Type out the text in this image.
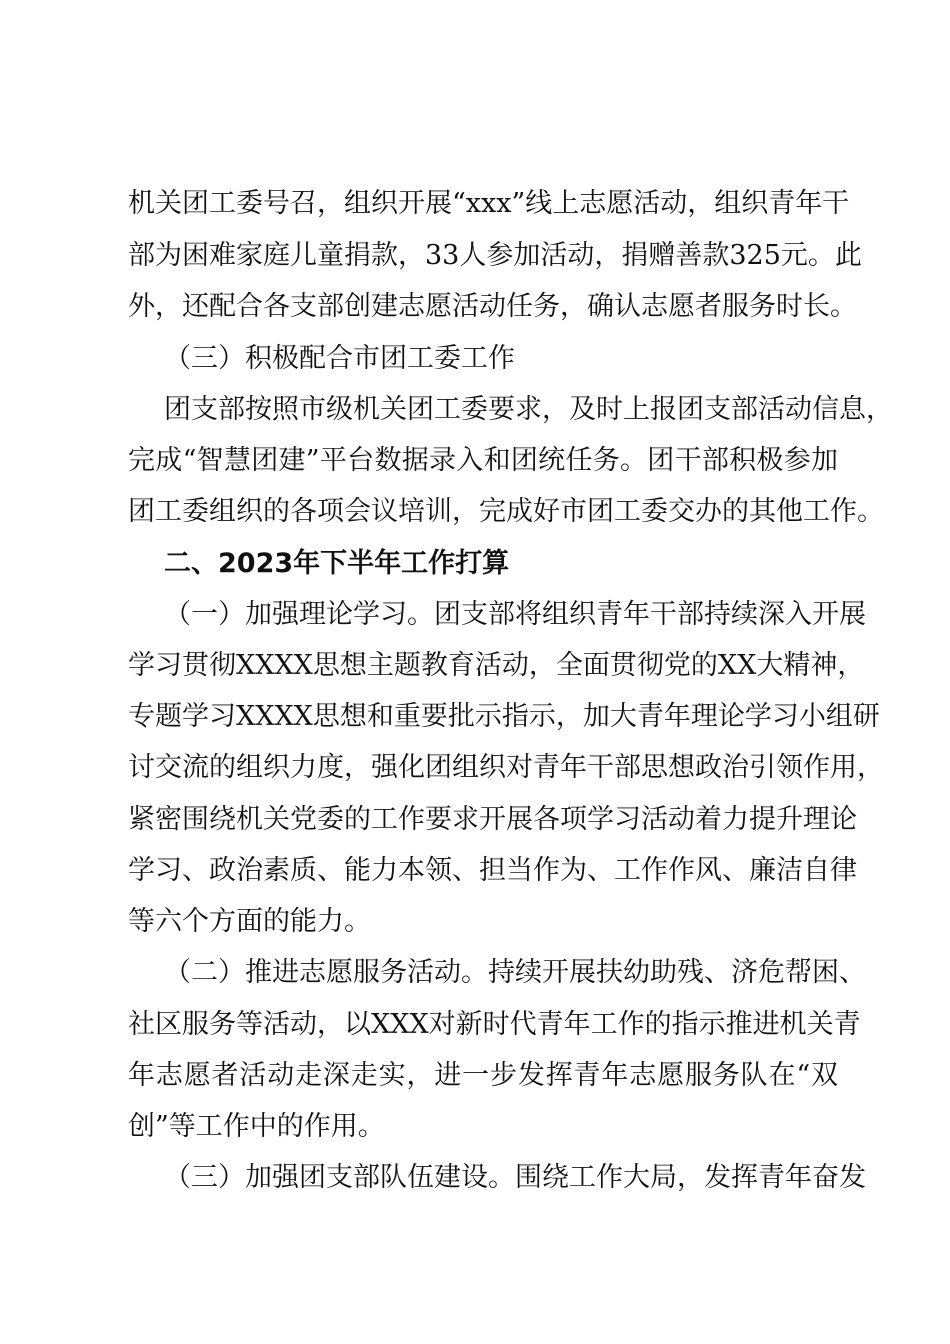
机关团工委号召，组织开展“xxx”线上志愿活动，组织青年干
部为困难家庭儿童捐款，33人参加活动，捐赠善款325元。此
外，还配合各支部创建志愿活动任务，确认志愿者服务时长。
（三）积极配合市团工委工作
团支部按照市级机关团工委要求，及时上报团支部活动信息，
完成“智慧团建”平台数据录入和团统任务。团干部积极参加
团工委组织的各项会议培训，完成好市团工委交办的其他工作。
二、2023年下半年工作打算
（一）加强理论学习。团支部将组织青年干部持续深入开展
学习贯彻XXXX思想主题教育活动，全面贯彻党的XX大精神，
专题学习XXXX思想和重要批示指示，加大青年理论学习小组研
讨交流的组织力度，强化团组织对青年干部思想政治引领作用，
紧密围绕机关党委的工作要求开展各项学习活动着力提升理论
学习、政治素质、能力本领、担当作为、工作作风、廉洁自律
等六个方面的能力。
（二）推进志愿服务活动。持续开展扶幼助残、济危帮困、
社区服务等活动，以XXX对新时代青年工作的指示推进机关青
年志愿者活动走深走实，进一步发挥青年志愿服务队在“双
创”等工作中的作用。
（三）加强团支部队伍建设。围绕工作大局，发挥青年奋发
